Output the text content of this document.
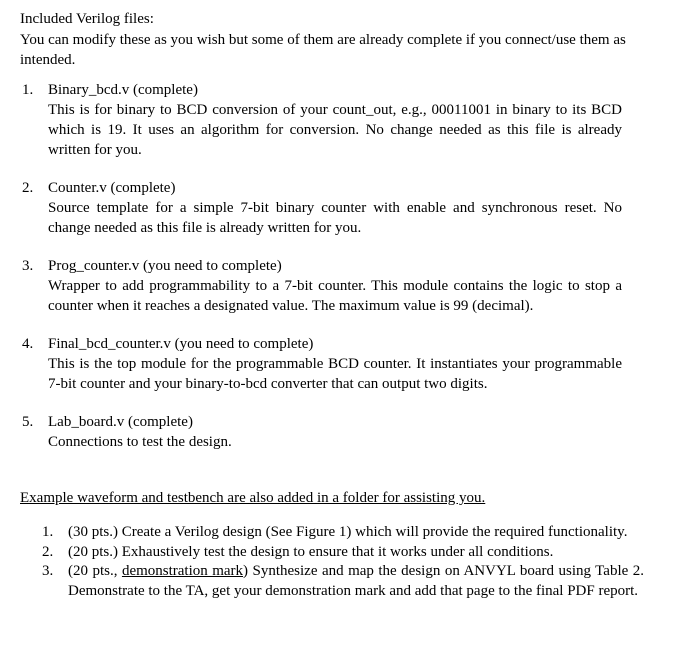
Included Verilog files:
You can modify these as you wish but some of them are already complete if you connect/use them as intended.
1. Binary_bcd.v (complete)
This is for binary to BCD conversion of your count_out, e.g., 00011001 in binary to its BCD which is 19. It uses an algorithm for conversion. No change needed as this file is already written for you.
2. Counter.v (complete)
Source template for a simple 7-bit binary counter with enable and synchronous reset. No change needed as this file is already written for you.
3. Prog_counter.v (you need to complete)
Wrapper to add programmability to a 7-bit counter. This module contains the logic to stop a counter when it reaches a designated value. The maximum value is 99 (decimal).
4. Final_bcd_counter.v (you need to complete)
This is the top module for the programmable BCD counter. It instantiates your programmable 7-bit counter and your binary-to-bcd converter that can output two digits.
5. Lab_board.v (complete)
Connections to test the design.
Example waveform and testbench are also added in a folder for assisting you.
1. (30 pts.) Create a Verilog design (See Figure 1) which will provide the required functionality.
2. (20 pts.) Exhaustively test the design to ensure that it works under all conditions.
3. (20 pts., demonstration mark) Synthesize and map the design on ANVYL board using Table 2. Demonstrate to the TA, get your demonstration mark and add that page to the final PDF report.
